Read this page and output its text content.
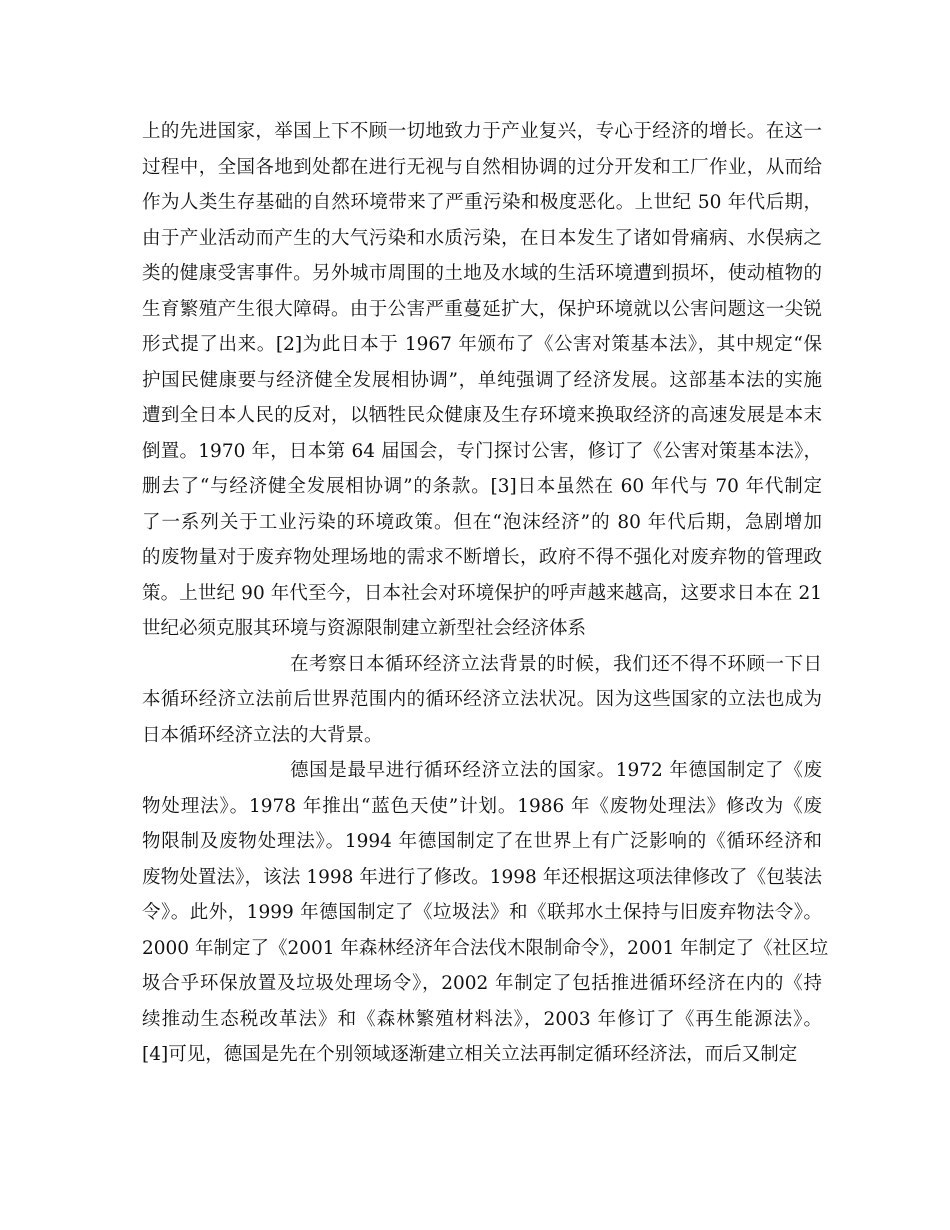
上的先进国家，举国上下不顾一切地致力于产业复兴，专心于经济的增长。在这一
过程中，全国各地到处都在进行无视与自然相协调的过分开发和工厂作业，从而给
作为人类生存基础的自然环境带来了严重污染和极度恶化。上世纪 50 年代后期，
由于产业活动而产生的大气污染和水质污染，在日本发生了诸如骨痛病、水俣病之
类的健康受害事件。另外城市周围的土地及水域的生活环境遭到损坏，使动植物的
生育繁殖产生很大障碍。由于公害严重蔓延扩大，保护环境就以公害问题这一尖锐
形式提了出来。[2]为此日本于 1967 年颁布了《公害对策基本法》，其中规定“保
护国民健康要与经济健全发展相协调”，单纯强调了经济发展。这部基本法的实施
遭到全日本人民的反对，以牺牲民众健康及生存环境来换取经济的高速发展是本末
倒置。1970 年，日本第 64 届国会，专门探讨公害，修订了《公害对策基本法》，
删去了“与经济健全发展相协调”的条款。[3]日本虽然在 60 年代与 70 年代制定
了一系列关于工业污染的环境政策。但在“泡沫经济”的 80 年代后期，急剧增加
的废物量对于废弃物处理场地的需求不断增长，政府不得不强化对废弃物的管理政
策。上世纪 90 年代至今，日本社会对环境保护的呼声越来越高，这要求日本在 21
世纪必须克服其环境与资源限制建立新型社会经济体系
在考察日本循环经济立法背景的时候，我们还不得不环顾一下日
本循环经济立法前后世界范围内的循环经济立法状况。因为这些国家的立法也成为
日本循环经济立法的大背景。
德国是最早进行循环经济立法的国家。1972 年德国制定了《废
物处理法》。1978 年推出“蓝色天使”计划。1986 年《废物处理法》修改为《废
物限制及废物处理法》。1994 年德国制定了在世界上有广泛影响的《循环经济和
废物处置法》，该法 1998 年进行了修改。1998 年还根据这项法律修改了《包装法
令》。此外，1999 年德国制定了《垃圾法》和《联邦水土保持与旧废弃物法令》。
2000 年制定了《2001 年森林经济年合法伐木限制命令》，2001 年制定了《社区垃
圾合乎环保放置及垃圾处理场令》，2002 年制定了包括推进循环经济在内的《持
续推动生态税改革法》和《森林繁殖材料法》，2003 年修订了《再生能源法》。
[4]可见，德国是先在个别领域逐渐建立相关立法再制定循环经济法，而后又制定
